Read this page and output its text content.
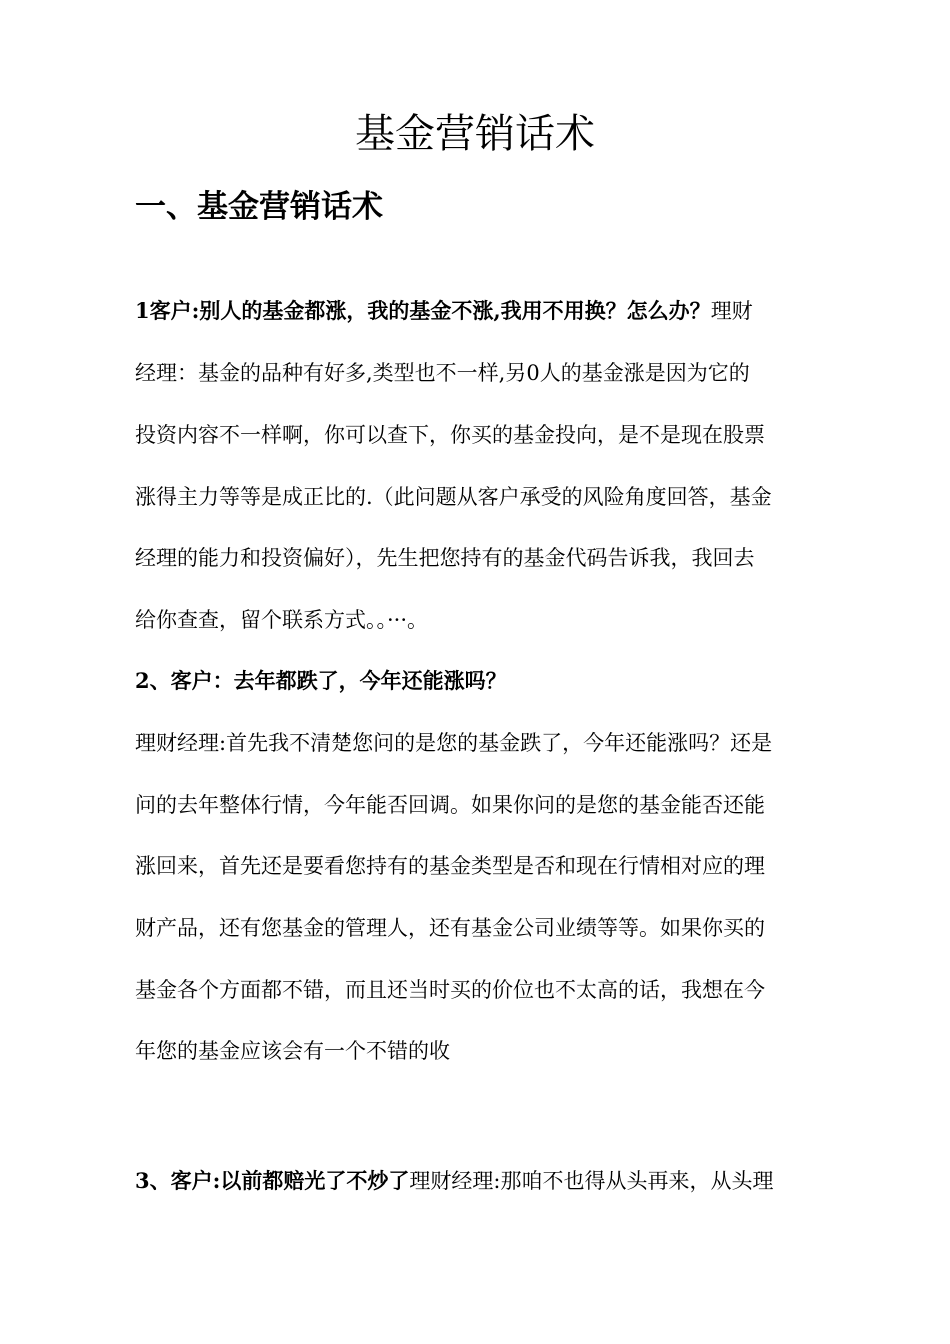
基金营销话术
一、基金营销话术
1客户:别人的基金都涨，我的基金不涨,我用不用换？怎么办？理财
经理：基金的品种有好多,类型也不一样,另0人的基金涨是因为它的
投资内容不一样啊，你可以查下，你买的基金投向，是不是现在股票
涨得主力等等是成正比的.（此问题从客户承受的风险角度回答，基金
经理的能力和投资偏好），先生把您持有的基金代码告诉我，我回去
给你查查，留个联系方式。。···。
2、客户：去年都跌了，今年还能涨吗？
理财经理:首先我不清楚您问的是您的基金跌了，今年还能涨吗？还是
问的去年整体行情，今年能否回调。如果你问的是您的基金能否还能
涨回来，首先还是要看您持有的基金类型是否和现在行情相对应的理
财产品，还有您基金的管理人，还有基金公司业绩等等。如果你买的
基金各个方面都不错，而且还当时买的价位也不太高的话，我想在今
年您的基金应该会有一个不错的收
3、客户:以前都赔光了不炒了理财经理:那咱不也得从头再来，从头理
